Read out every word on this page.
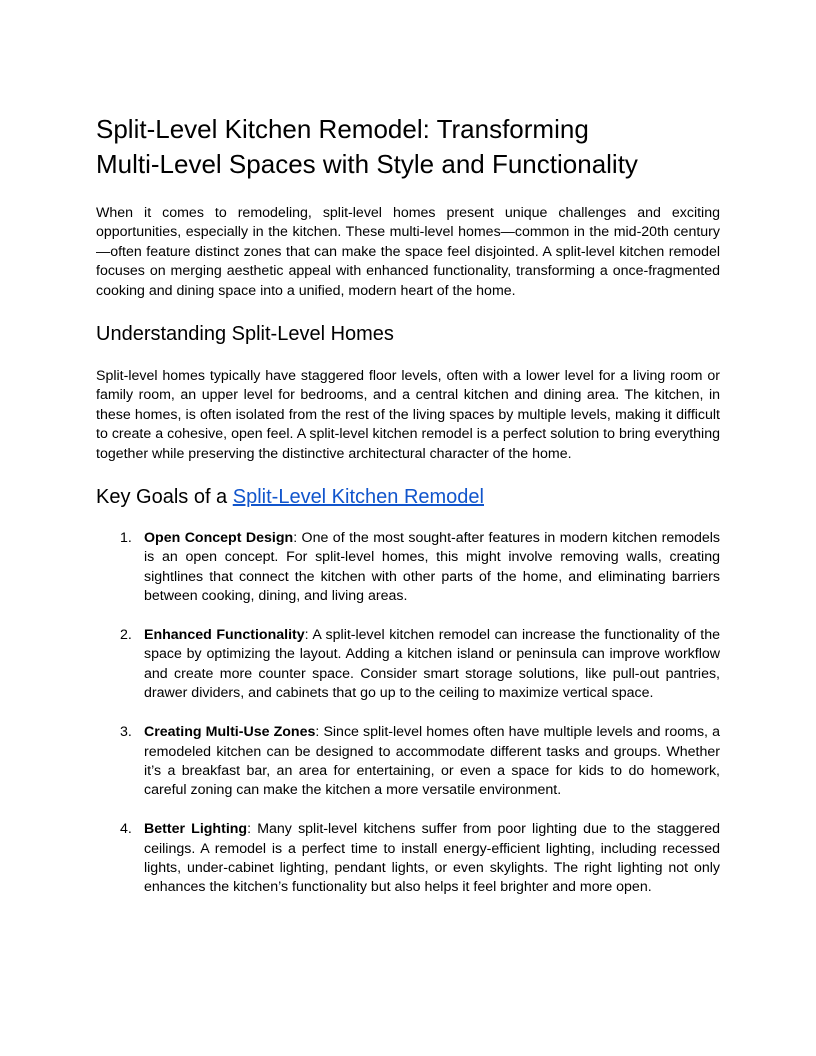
Split-Level Kitchen Remodel: Transforming
Multi-Level Spaces with Style and Functionality

When it comes to remodeling, split-level homes present unique challenges and exciting opportunities, especially in the kitchen. These multi-level homes—common in the mid-20th century—often feature distinct zones that can make the space feel disjointed. A split-level kitchen remodel focuses on merging aesthetic appeal with enhanced functionality, transforming a once-fragmented cooking and dining space into a unified, modern heart of the home.

Understanding Split-Level Homes

Split-level homes typically have staggered floor levels, often with a lower level for a living room or family room, an upper level for bedrooms, and a central kitchen and dining area. The kitchen, in these homes, is often isolated from the rest of the living spaces by multiple levels, making it difficult to create a cohesive, open feel. A split-level kitchen remodel is a perfect solution to bring everything together while preserving the distinctive architectural character of the home.

Key Goals of a Split-Level Kitchen Remodel
1. Open Concept Design: One of the most sought-after features in modern kitchen remodels is an open concept. For split-level homes, this might involve removing walls, creating sightlines that connect the kitchen with other parts of the home, and eliminating barriers between cooking, dining, and living areas.
2. Enhanced Functionality: A split-level kitchen remodel can increase the functionality of the space by optimizing the layout. Adding a kitchen island or peninsula can improve workflow and create more counter space. Consider smart storage solutions, like pull-out pantries, drawer dividers, and cabinets that go up to the ceiling to maximize vertical space.
3. Creating Multi-Use Zones: Since split-level homes often have multiple levels and rooms, a remodeled kitchen can be designed to accommodate different tasks and groups. Whether it’s a breakfast bar, an area for entertaining, or even a space for kids to do homework, careful zoning can make the kitchen a more versatile environment.
4. Better Lighting: Many split-level kitchens suffer from poor lighting due to the staggered ceilings. A remodel is a perfect time to install energy-efficient lighting, including recessed lights, under-cabinet lighting, pendant lights, or even skylights. The right lighting not only enhances the kitchen’s functionality but also helps it feel brighter and more open.
